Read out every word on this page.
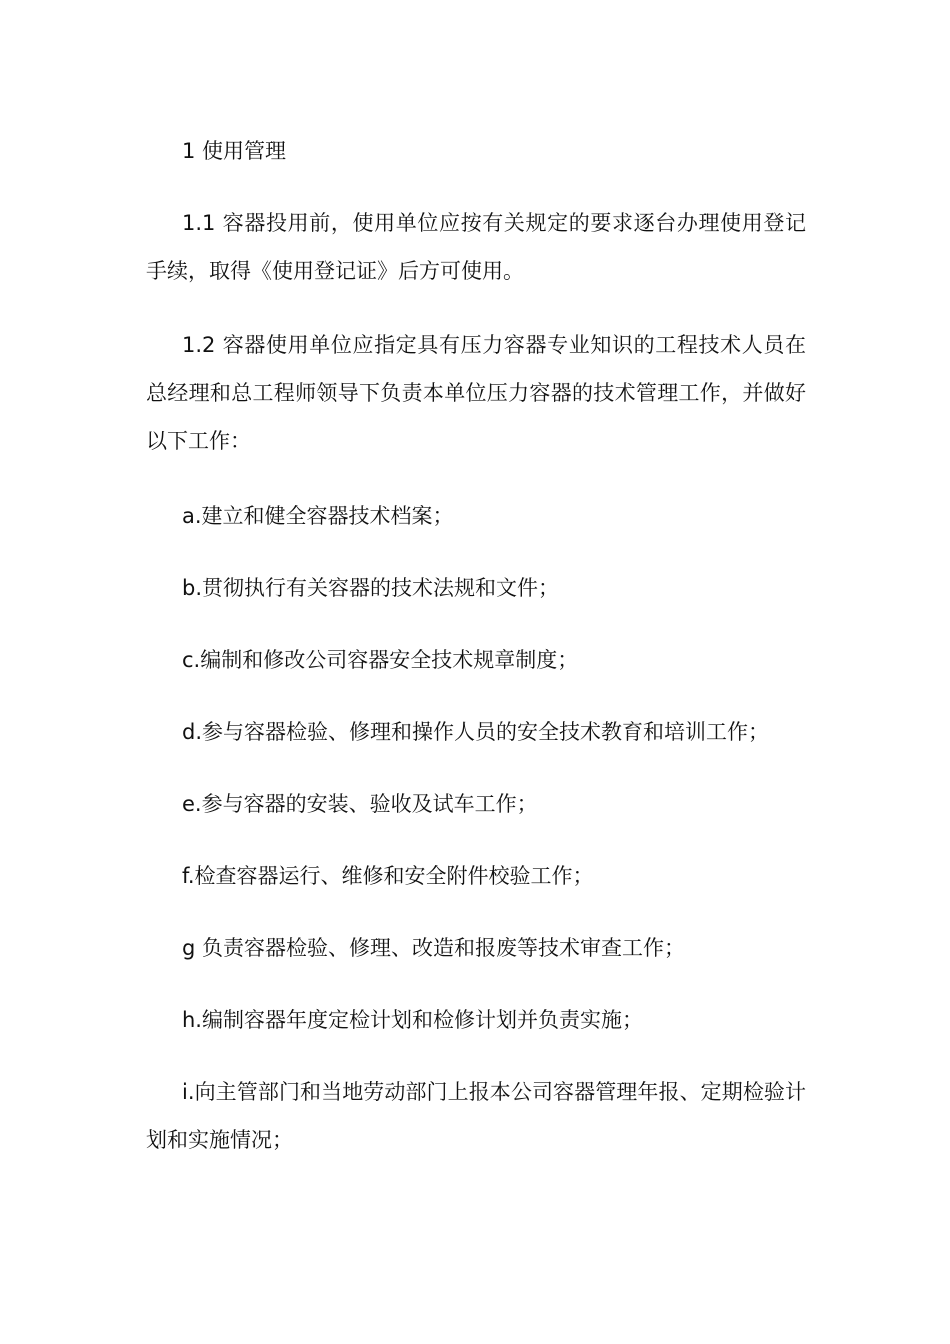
1 使用管理
1.1 容器投用前，使用单位应按有关规定的要求逐台办理使用登记手续，取得《使用登记证》后方可使用。
1.2 容器使用单位应指定具有压力容器专业知识的工程技术人员在总经理和总工程师领导下负责本单位压力容器的技术管理工作，并做好以下工作：
a.建立和健全容器技术档案；
b.贯彻执行有关容器的技术法规和文件；
c.编制和修改公司容器安全技术规章制度；
d.参与容器检验、修理和操作人员的安全技术教育和培训工作；
e.参与容器的安装、验收及试车工作；
f.检查容器运行、维修和安全附件校验工作；
g 负责容器检验、修理、改造和报废等技术审查工作；
h.编制容器年度定检计划和检修计划并负责实施；
i.向主管部门和当地劳动部门上报本公司容器管理年报、定期检验计划和实施情况；
